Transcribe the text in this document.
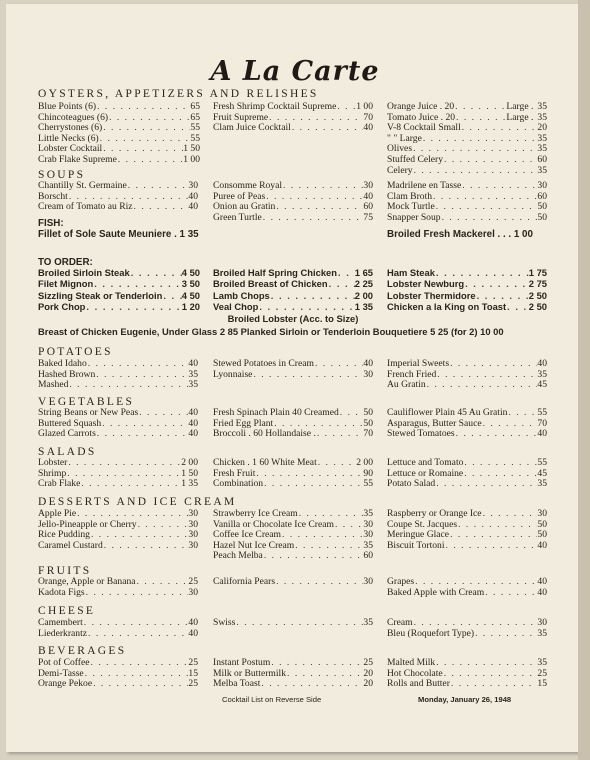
A La Carte
OYSTERS, APPETIZERS AND RELISHES
Blue Points (6) . . .	65
Chincoteagues (6) . . .	65
Cherrystones (6) . . .	55
Little Necks (6) . . .	55
Lobster Cocktail . . .	1 50
Crab Flake Supreme . . .	1 00
Fresh Shrimp Cocktail Supreme . . . 1 00
Fruit Supreme . . .	70
Clam Juice Cocktail . . .	40
Orange Juice . 20 . . .	Large . 35
Tomato Juice . 20 . . .	Large . 35
V-8 Cocktail Small . . .	20
" " Large . . .	35
Olives . . .	35
Stuffed Celery . . .	60
Celery . . .	35
SOUPS
Chantilly St. Germaine . . .	30
Borscht . . .	40
Cream of Tomato au Riz . . .	40
Consomme Royal . . .	30
Puree of Peas . . .	40
Onion au Gratin . . .	60
Green Turtle . . .	75
Madrilene en Tasse . . .	30
Clam Broth . . .	60
Mock Turtle . . .	50
Snapper Soup . . .	50
FISH:
Fillet of Sole Saute Meuniere . 1 35	Broiled Fresh Mackerel . . . 1 00
TO ORDER:
Broiled Sirloin Steak . . .	4 50
Filet Mignon . . .	3 50
Sizzling Steak or Tenderloin . . . 4 50
Pork Chop . . .	1 20
Broiled Half Spring Chicken . . . 1 65
Broiled Breast of Chicken . . .	2 25
Lamb Chops . . .	2 00
Veal Chop . . .	1 35
Ham Steak . . .	1 75
Lobster Newburg . . .	2 75
Lobster Thermidore . . .	2 50
Chicken a la King on Toast . . . 2 50
Broiled Lobster (Acc. to Size)
Breast of Chicken Eugenie, Under Glass 2 85 Planked Sirloin or Tenderloin Bouquetiere 5 25 (for 2) 10 00
POTATOES
Baked Idaho . . .	40
Hashed Brown . . .	35
Mashed . . .	35
Stewed Potatoes in Cream . . .	40
Lyonnaise . . .	30
Imperial Sweets . . .	40
French Fried . . .	35
Au Gratin . . .	45
VEGETABLES
String Beans or New Peas . . .	40
Buttered Squash . . .	40
Glazed Carrots . . .	40
Fresh Spinach Plain 40 Creamed . . .	50
Fried Egg Plant . . .	50
Broccoli . 60 Hollandaise . . . .	70
Cauliflower Plain 45 Au Gratin . . .	55
Asparagus, Butter Sauce . . .	70
Stewed Tomatoes . . .	40
SALADS
Lobster . . .	2 00
Shrimp . . .	1 50
Crab Flake . . .	1 35
Chicken . 1 60 White Meat . . .	2 00
Fresh Fruit . . .	90
Combination . . .	55
Lettuce and Tomato . . .	55
Lettuce or Romaine . . .	45
Potato Salad . . .	35
DESSERTS AND ICE CREAM
Apple Pie . . .	30
Jello-Pineapple or Cherry . . .	30
Rice Pudding . . .	30
Caramel Custard . . .	30
Strawberry Ice Cream . . .	35
Vanilla or Chocolate Ice Cream . . .	30
Coffee Ice Cream . . .	30
Hazel Nut Ice Cream . . .	35
Peach Melba . . .	60
Raspberry or Orange Ice . . .	30
Coupe St. Jacques . . .	50
Meringue Glace . . .	50
Biscuit Tortoni . . .	40
FRUITS
Orange, Apple or Banana . . .	25
Kadota Figs . . .	30
California Pears . . .	30 Grapes . . .	40
Baked Apple with Cream . . .	40
CHEESE
Camembert . . .	40
Liederkrantz . . .	40
Swiss . . .	35 Cream . . .	30
Bleu (Roquefort Type) . . .	35
BEVERAGES
Pot of Coffee . . .	25
Demi-Tasse . . .	15
Orange Pekoe . . .	25
Instant Postum . . .	25
Milk or Buttermilk . . .	20
Melba Toast . . .	20
Malted Milk . . .	35
Hot Chocolate . . .	25
Rolls and Butter . . .	15
Cocktail List on Reverse Side	Monday, January 26, 1948
